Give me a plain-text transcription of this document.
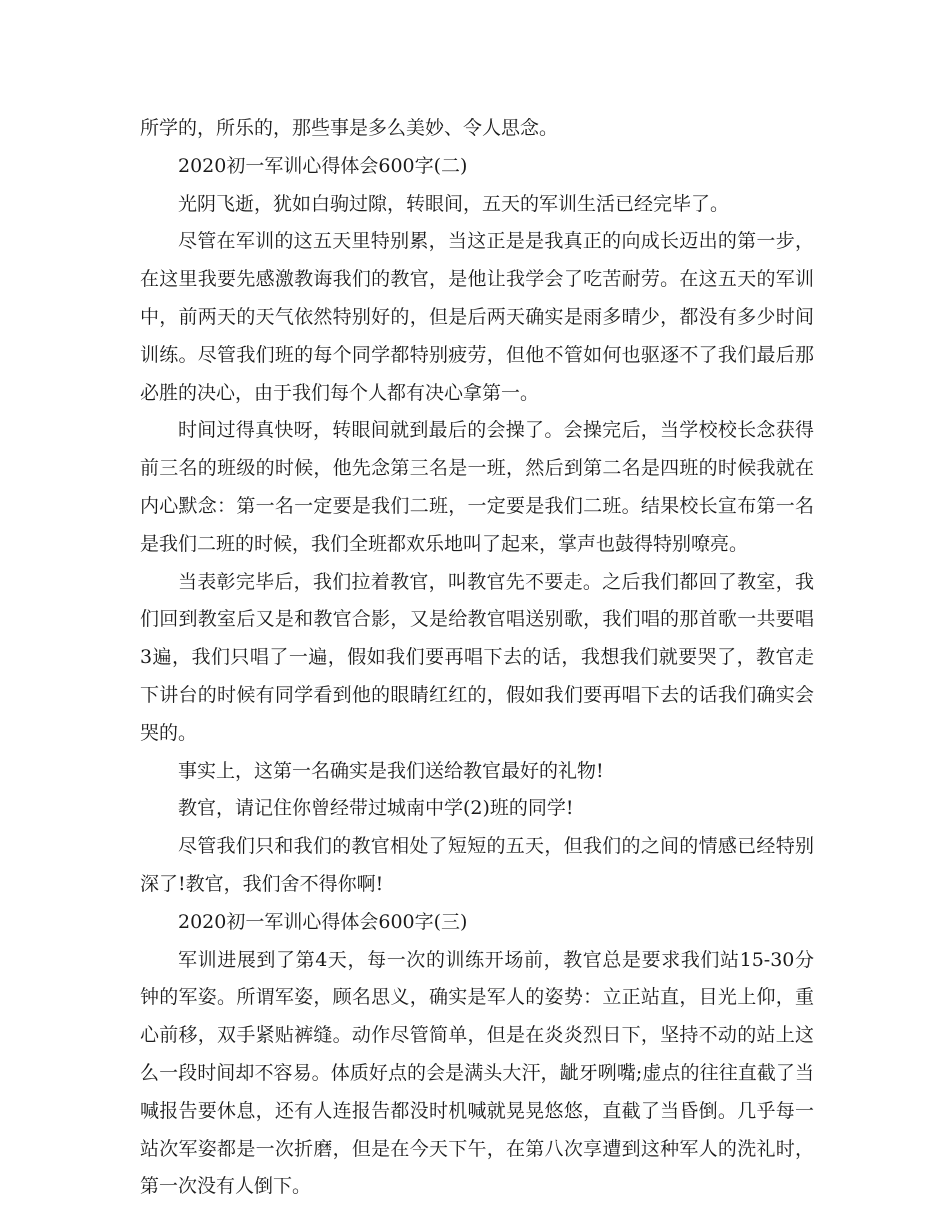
所学的，所乐的，那些事是多么美妙、令人思念。

2020初一军训心得体会600字(二)

光阴飞逝，犹如白驹过隙，转眼间，五天的军训生活已经完毕了。

尽管在军训的这五天里特别累，当这正是是我真正的向成长迈出的第一步，在这里我要先感激教诲我们的教官，是他让我学会了吃苦耐劳。在这五天的军训中，前两天的天气依然特别好的，但是后两天确实是雨多晴少，都没有多少时间训练。尽管我们班的每个同学都特别疲劳，但他不管如何也驱逐不了我们最后那必胜的决心，由于我们每个人都有决心拿第一。

时间过得真快呀，转眼间就到最后的会操了。会操完后，当学校校长念获得前三名的班级的时候，他先念第三名是一班，然后到第二名是四班的时候我就在内心默念：第一名一定要是我们二班，一定要是我们二班。结果校长宣布第一名是我们二班的时候，我们全班都欢乐地叫了起来，掌声也鼓得特别嘹亮。

当表彰完毕后，我们拉着教官，叫教官先不要走。之后我们都回了教室，我们回到教室后又是和教官合影，又是给教官唱送别歌，我们唱的那首歌一共要唱3遍，我们只唱了一遍，假如我们要再唱下去的话，我想我们就要哭了，教官走下讲台的时候有同学看到他的眼睛红红的，假如我们要再唱下去的话我们确实会哭的。

事实上，这第一名确实是我们送给教官最好的礼物!

教官，请记住你曾经带过城南中学(2)班的同学!

尽管我们只和我们的教官相处了短短的五天，但我们的之间的情感已经特别深了!教官，我们舍不得你啊!

2020初一军训心得体会600字(三)

军训进展到了第4天，每一次的训练开场前，教官总是要求我们站15-30分钟的军姿。所谓军姿，顾名思义，确实是军人的姿势：立正站直，目光上仰，重心前移，双手紧贴裤缝。动作尽管简单，但是在炎炎烈日下，坚持不动的站上这么一段时间却不容易。体质好点的会是满头大汗，龇牙咧嘴;虚点的往往直截了当喊报告要休息，还有人连报告都没时机喊就晃晃悠悠，直截了当昏倒。几乎每一站次军姿都是一次折磨，但是在今天下午，在第八次享遭到这种军人的洗礼时，第一次没有人倒下。
